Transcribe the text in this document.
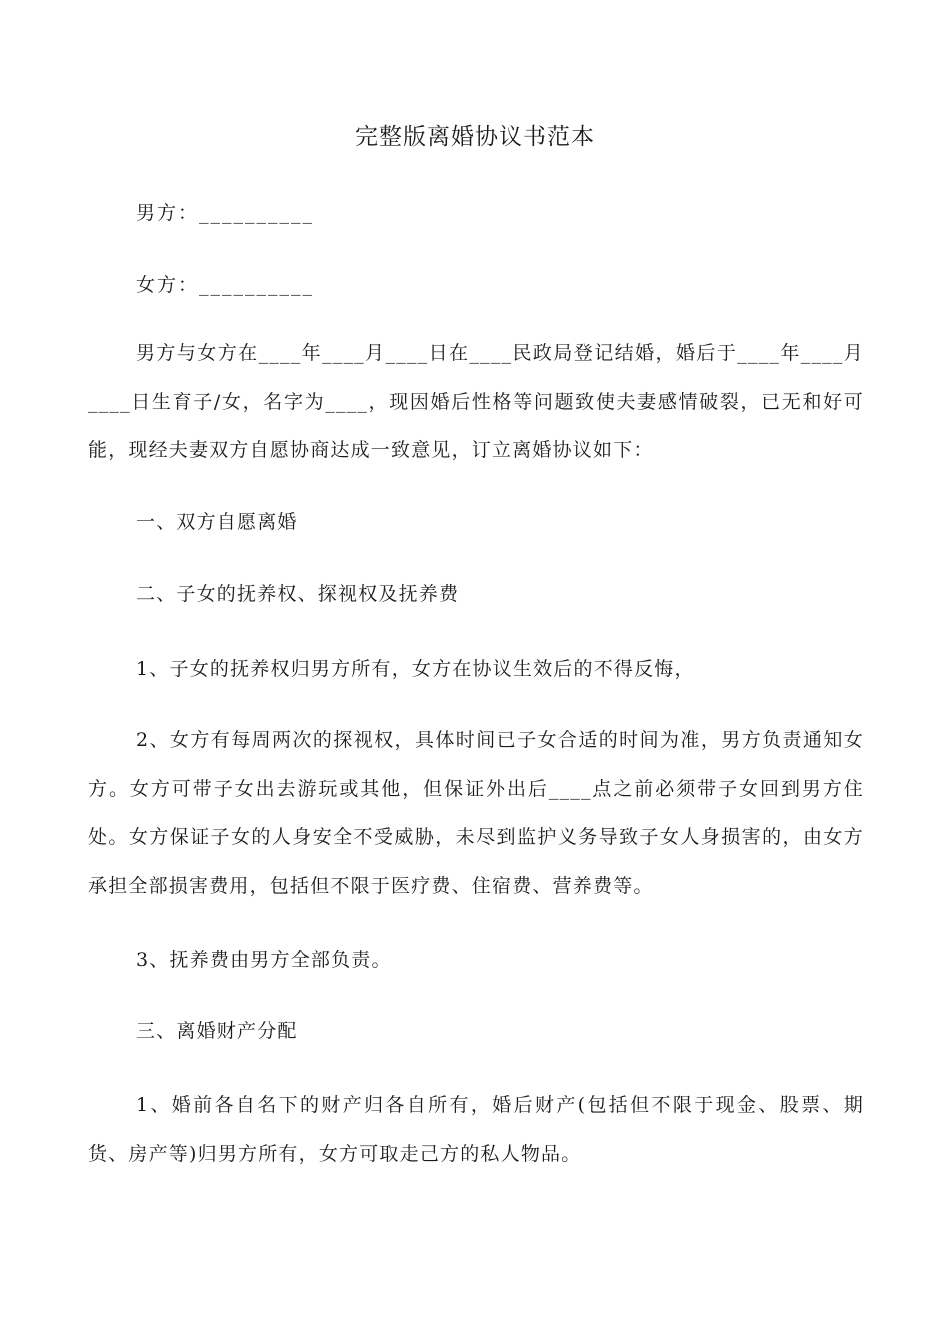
完整版离婚协议书范本
男方：__________
女方：__________

男方与女方在____年____月____日在____民政局登记结婚，婚后于____年____月____日生育子/女，名字为____，现因婚后性格等问题致使夫妻感情破裂，已无和好可能，现经夫妻双方自愿协商达成一致意见，订立离婚协议如下：

一、双方自愿离婚

二、子女的抚养权、探视权及抚养费

1、子女的抚养权归男方所有，女方在协议生效后的不得反悔，

2、女方有每周两次的探视权，具体时间已子女合适的时间为准，男方负责通知女方。女方可带子女出去游玩或其他，但保证外出后____点之前必须带子女回到男方住处。女方保证子女的人身安全不受威胁，未尽到监护义务导致子女人身损害的，由女方承担全部损害费用，包括但不限于医疗费、住宿费、营养费等。

3、抚养费由男方全部负责。

三、离婚财产分配

1、婚前各自名下的财产归各自所有，婚后财产(包括但不限于现金、股票、期货、房产等)归男方所有，女方可取走己方的私人物品。
